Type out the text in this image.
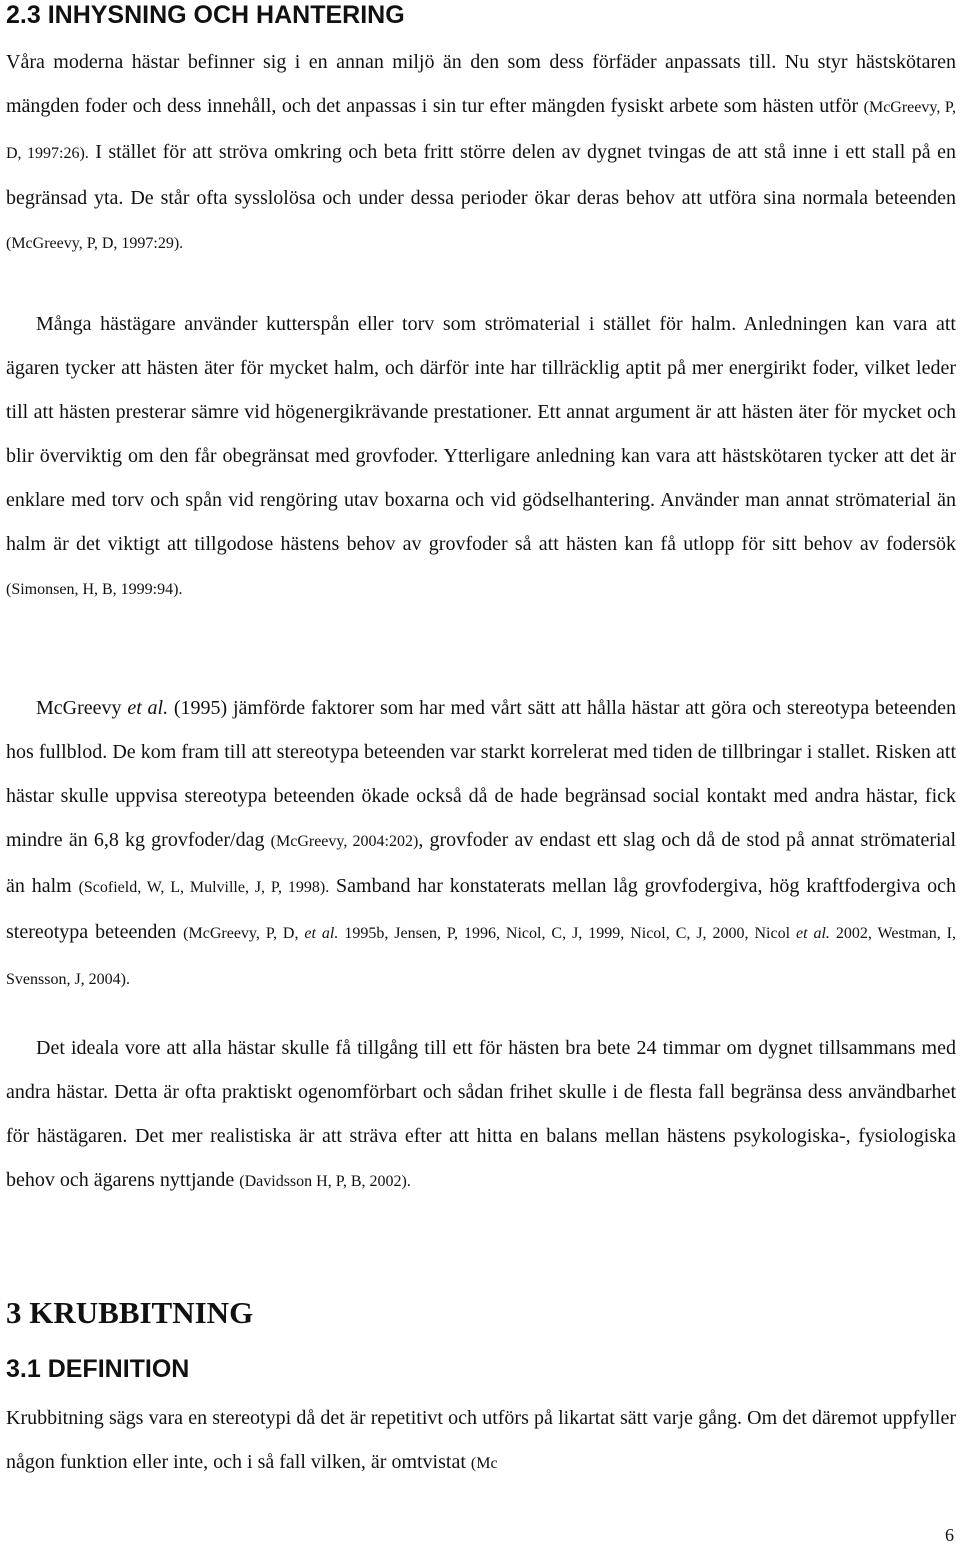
2.3 INHYSNING OCH HANTERING

Våra moderna hästar befinner sig i en annan miljö än den som dess förfäder anpassats till. Nu styr hästskötaren mängden foder och dess innehåll, och det anpassas i sin tur efter mängden fysiskt arbete som hästen utför (McGreevy, P, D, 1997:26). I stället för att ströva omkring och beta fritt större delen av dygnet tvingas de att stå inne i ett stall på en begränsad yta. De står ofta sysslolösa och under dessa perioder ökar deras behov att utföra sina normala beteenden (McGreevy, P, D, 1997:29).

Många hästägare använder kutterspån eller torv som strömaterial i stället för halm. Anledningen kan vara att ägaren tycker att hästen äter för mycket halm, och därför inte har tillräcklig aptit på mer energirikt foder, vilket leder till att hästen presterar sämre vid högenergikrävande prestationer. Ett annat argument är att hästen äter för mycket och blir överviktig om den får obegränsat med grovfoder. Ytterligare anledning kan vara att hästskötaren tycker att det är enklare med torv och spån vid rengöring utav boxarna och vid gödselhantering. Använder man annat strömaterial än halm är det viktigt att tillgodose hästens behov av grovfoder så att hästen kan få utlopp för sitt behov av fodersök (Simonsen, H, B, 1999:94).

McGreevy et al. (1995) jämförde faktorer som har med vårt sätt att hålla hästar att göra och stereotypa beteenden hos fullblod. De kom fram till att stereotypa beteenden var starkt korrelerat med tiden de tillbringar i stallet. Risken att hästar skulle uppvisa stereotypa beteenden ökade också då de hade begränsad social kontakt med andra hästar, fick mindre än 6,8 kg grovfoder/dag (McGreevy, 2004:202), grovfoder av endast ett slag och då de stod på annat strömaterial än halm (Scofield, W, L, Mulville, J, P, 1998). Samband har konstaterats mellan låg grovfodergiva, hög kraftfodergiva och stereotypa beteenden (McGreevy, P, D, et al. 1995b, Jensen, P, 1996, Nicol, C, J, 1999, Nicol, C, J, 2000, Nicol et al. 2002, Westman, I, Svensson, J, 2004).

Det ideala vore att alla hästar skulle få tillgång till ett för hästen bra bete 24 timmar om dygnet tillsammans med andra hästar. Detta är ofta praktiskt ogenomförbart och sådan frihet skulle i de flesta fall begränsa dess användbarhet för hästägaren. Det mer realistiska är att sträva efter att hitta en balans mellan hästens psykologiska-, fysiologiska behov och ägarens nyttjande (Davidsson H, P, B, 2002).

3 KRUBBITNING
3.1 DEFINITION

Krubbitning sägs vara en stereotypi då det är repetitivt och utförs på likartat sätt varje gång. Om det däremot uppfyller någon funktion eller inte, och i så fall vilken, är omtvistat (Mc

6
